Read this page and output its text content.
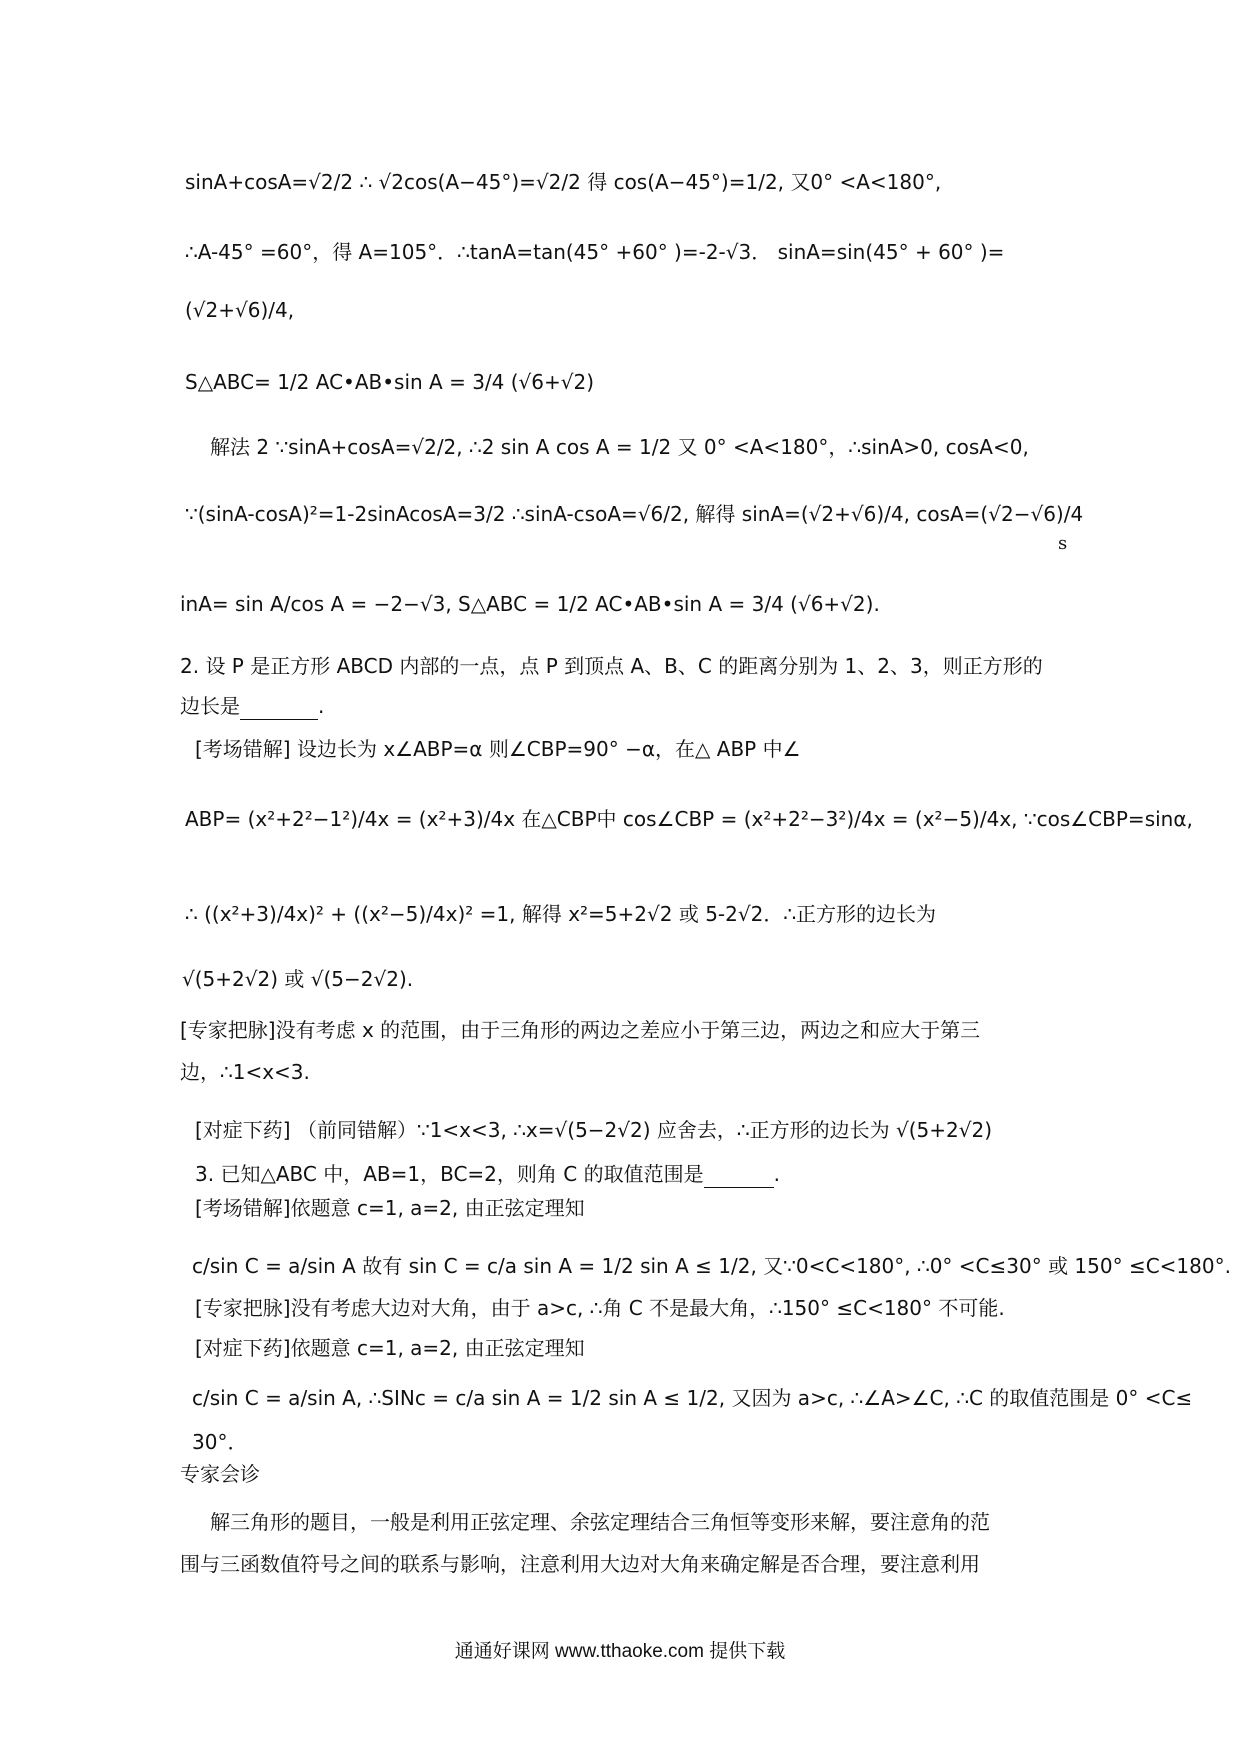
sinA+cosA=√2/2 ∴ √2cos(A−45°)=√2/2 得 cos(A−45°)=1/2, 又0° <A<180°,
∴A-45° =60°，得 A=105°．∴tanA=tan(45° +60° )=-2-√3． sinA=sin(45° + 60° )=
(√2+√6)/4,
S△ABC= 1/2 AC•AB•sin A = 3/4 (√6+√2)
解法 2 ∵sinA+cosA=√2/2, ∴2 sin A cos A = 1/2 又 0° <A<180°，∴sinA>0, cosA<0,
∵(sinA-cosA)²=1-2sinAcosA=3/2 ∴sinA-csoA=√6/2, 解得 sinA=(√2+√6)/4, cosA=(√2−√6)/4
s
inA= sin A/cos A = −2−√3, S△ABC = 1/2 AC•AB•sin A = 3/4 (√6+√2).
2. 设 P 是正方形 ABCD 内部的一点，点 P 到顶点 A、B、C 的距离分别为 1、2、3，则正方形的
边长是	.
[考场错解] 设边长为 x∠ABP=α 则∠CBP=90° −α，在△ ABP 中∠
ABP= (x²+2²−1²)/4x = (x²+3)/4x 在△CBP中 cos∠CBP = (x²+2²−3²)/4x = (x²−5)/4x, ∵cos∠CBP=sinα,
∴ ((x²+3)/4x)² + ((x²−5)/4x)² =1, 解得 x²=5+2√2 或 5-2√2．∴正方形的边长为
√(5+2√2) 或 √(5−2√2).
[专家把脉]没有考虑 x 的范围，由于三角形的两边之差应小于第三边，两边之和应大于第三
边，∴1<x<3.
[对症下药] （前同错解）∵1<x<3, ∴x=√(5−2√2) 应舍去，∴正方形的边长为 √(5+2√2)
3. 已知△ABC 中，AB=1，BC=2，则角 C 的取值范围是	.
[考场错解]依题意 c=1, a=2, 由正弦定理知
c/sin C = a/sin A 故有 sin C = c/a sin A = 1/2 sin A ≤ 1/2, 又∵0<C<180°, ∴0° <C≤30° 或 150° ≤C<180°.
[专家把脉]没有考虑大边对大角，由于 a>c, ∴角 C 不是最大角，∴150° ≤C<180° 不可能.
[对症下药]依题意 c=1, a=2, 由正弦定理知
c/sin C = a/sin A, ∴SINc = c/a sin A = 1/2 sin A ≤ 1/2, 又因为 a>c, ∴∠A>∠C, ∴C 的取值范围是 0° <C≤
30°．
专家会诊
解三角形的题目，一般是利用正弦定理、余弦定理结合三角恒等变形来解，要注意角的范
围与三函数值符号之间的联系与影响，注意利用大边对大角来确定解是否合理，要注意利用
通通好课网 www.tthaoke.com 提供下载
